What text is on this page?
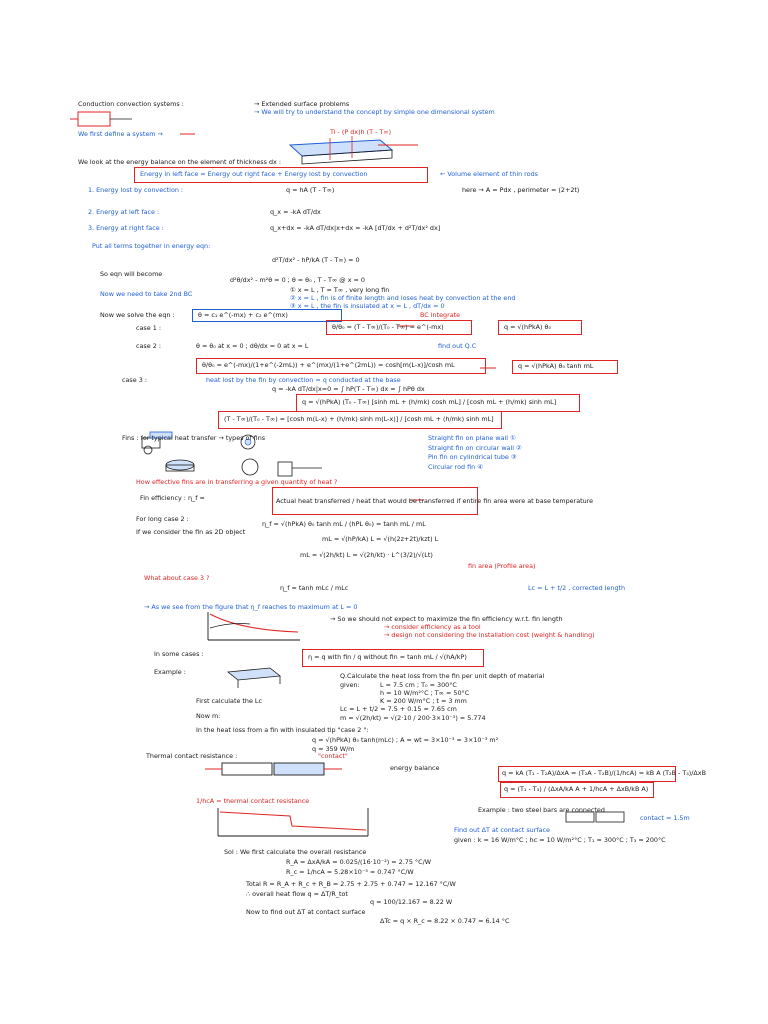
Conduction convection systems :	→ Extended surface problems
→ We will try to understand the concept by simple one dimensional system
We first define a system →	Ti - (P dx)h (T - T∞)
We look at the energy balance on the element of thickness dx :
Energy in left face = Energy out right face + Energy lost by convection	← Volume element of thin rods
1. Energy lost by convection :	q = hA (T - T∞)	here → A = Pdx , perimeter = (2+2t)
2. Energy at left face :	q_x = -kA dT/dx
3. Energy at right face :	q_x+dx = -kA dT/dx|x+dx = -kA [dT/dx + d²T/dx² dx]
Put all terms together in energy eqn:
d²T/dx² - hP/kA (T - T∞) = 0
So eqn will become
d²θ/dx² - m²θ = 0 ; θ = θ₀ , T - T∞ @ x = 0
Now we need to take 2nd BC	① x = L , T = T∞ , very long fin
② x = L , fin is of finite length and loses heat by convection at the end
③ x = L , the fin is insulated at x = L , dT/dx = 0
Now we solve the eqn :	θ = c₁ e^(-mx) + c₂ e^(mx)	BC integrate
case 1 :	θ/θ₀ = (T - T∞)/(T₀ - T∞) = e^(-mx)	q = √(hPkA) θ₀
case 2 :	θ = θ₀ at x = 0 ; dθ/dx = 0 at x = L	find out Q.C
θ/θ₀ = e^(-mx)/(1+e^(-2mL)) + e^(mx)/(1+e^(2mL)) = cosh[m(L-x)]/cosh mL	q = √(hPkA) θ₀ tanh mL
case 3 :	heat lost by the fin by convection = q conducted at the base
q = -kA dT/dx|x=0 = ∫ hP(T - T∞) dx = ∫ hPθ dx
q = √(hPkA) (T₀ - T∞) [sinh mL + (h/mk) cosh mL] / [cosh mL + (h/mk) sinh mL]
(T - T∞)/(T₀ - T∞) = [cosh m(L-x) + (h/mk) sinh m(L-x)] / [cosh mL + (h/mk) sinh mL]
Fins : for typical heat transfer → types of fins	Straight fin on plane wall ①
Straight fin on circular wall ②
Pin fin on cylindrical tube ③
Circular rod fin ④
How effective fins are in transferring a given quantity of heat ?
Fin efficiency : η_f =	Actual heat transferred / heat that would be transferred if entire fin area were at base temperature
For long case 2 :
η_f = √(hPkA) θ₀ tanh mL / (hPL θ₀) = tanh mL / mL
If we consider the fin as 2D object
mL = √(hP/kA) L = √(h(2z+2t)/kzt) L
mL = √(2h/kt) L = √(2h/kt) · L^(3/2)/√(Lt)
fin area (Profile area)
What about case 3 ?
η_f = tanh mLc / mLc	Lc = L + t/2 , corrected length
→ As we see from the figure that η_f reaches to maximum at L = 0
→ So we should not expect to maximize the fin efficiency w.r.t. fin length
→ consider efficiency as a tool
→ design not considering the installation cost (weight & handling)
In some cases :	η = q with fin / q without fin = tanh mL / √(hA/kP)
Example :	Q.Calculate the heat loss from the fin per unit depth of material
given:	L = 7.5 cm ; T₀ = 300°C
h = 10 W/m²°C ; T∞ = 50°C
K = 200 W/m°C ; t = 3 mm
First calculate the Lc
Lc = L + t/2 = 7.5 + 0.15 = 7.65 cm
Now m:	m = √(2h/kt) = √(2·10 / 200·3×10⁻³) = 5.774
In the heat loss from a fin with insulated tip "case 2 ":
q = √(hPkA) θ₀ tanh(mLc) ; A = wt = 3×10⁻³ = 3×10⁻³ m²
q = 359 W/m
Thermal contact resistance :	"contact"
energy balance
q = kA (T₁ - T₂A)/ΔxA = (T₂A - T₂B)/(1/hcA) = kB A (T₂B - T₃)/ΔxB
q = (T₁ - T₃) / (ΔxA/kA A + 1/hcA + ΔxB/kB A)
1/hcA = thermal contact resistance
Example : two steel bars are connected
Find out ΔT at contact surface
contact = 1.5m
given : k = 16 W/m°C ; hc = 10 W/m²°C ; T₁ = 300°C ; T₃ = 200°C
Sol : We first calculate the overall resistance
R_A = ΔxA/kA = 0.025/(16·10⁻²) = 2.75 °C/W
R_c = 1/hcA = 5.28×10⁻³ = 0.747 °C/W
Total R = R_A + R_c + R_B = 2.75 + 2.75 + 0.747 = 12.167 °C/W
∴ overall heat flow q = ΔT/R_tot
q = 100/12.167 = 8.22 W
Now to find out ΔT at contact surface
ΔTc = q × R_c = 8.22 × 0.747 = 6.14 °C
